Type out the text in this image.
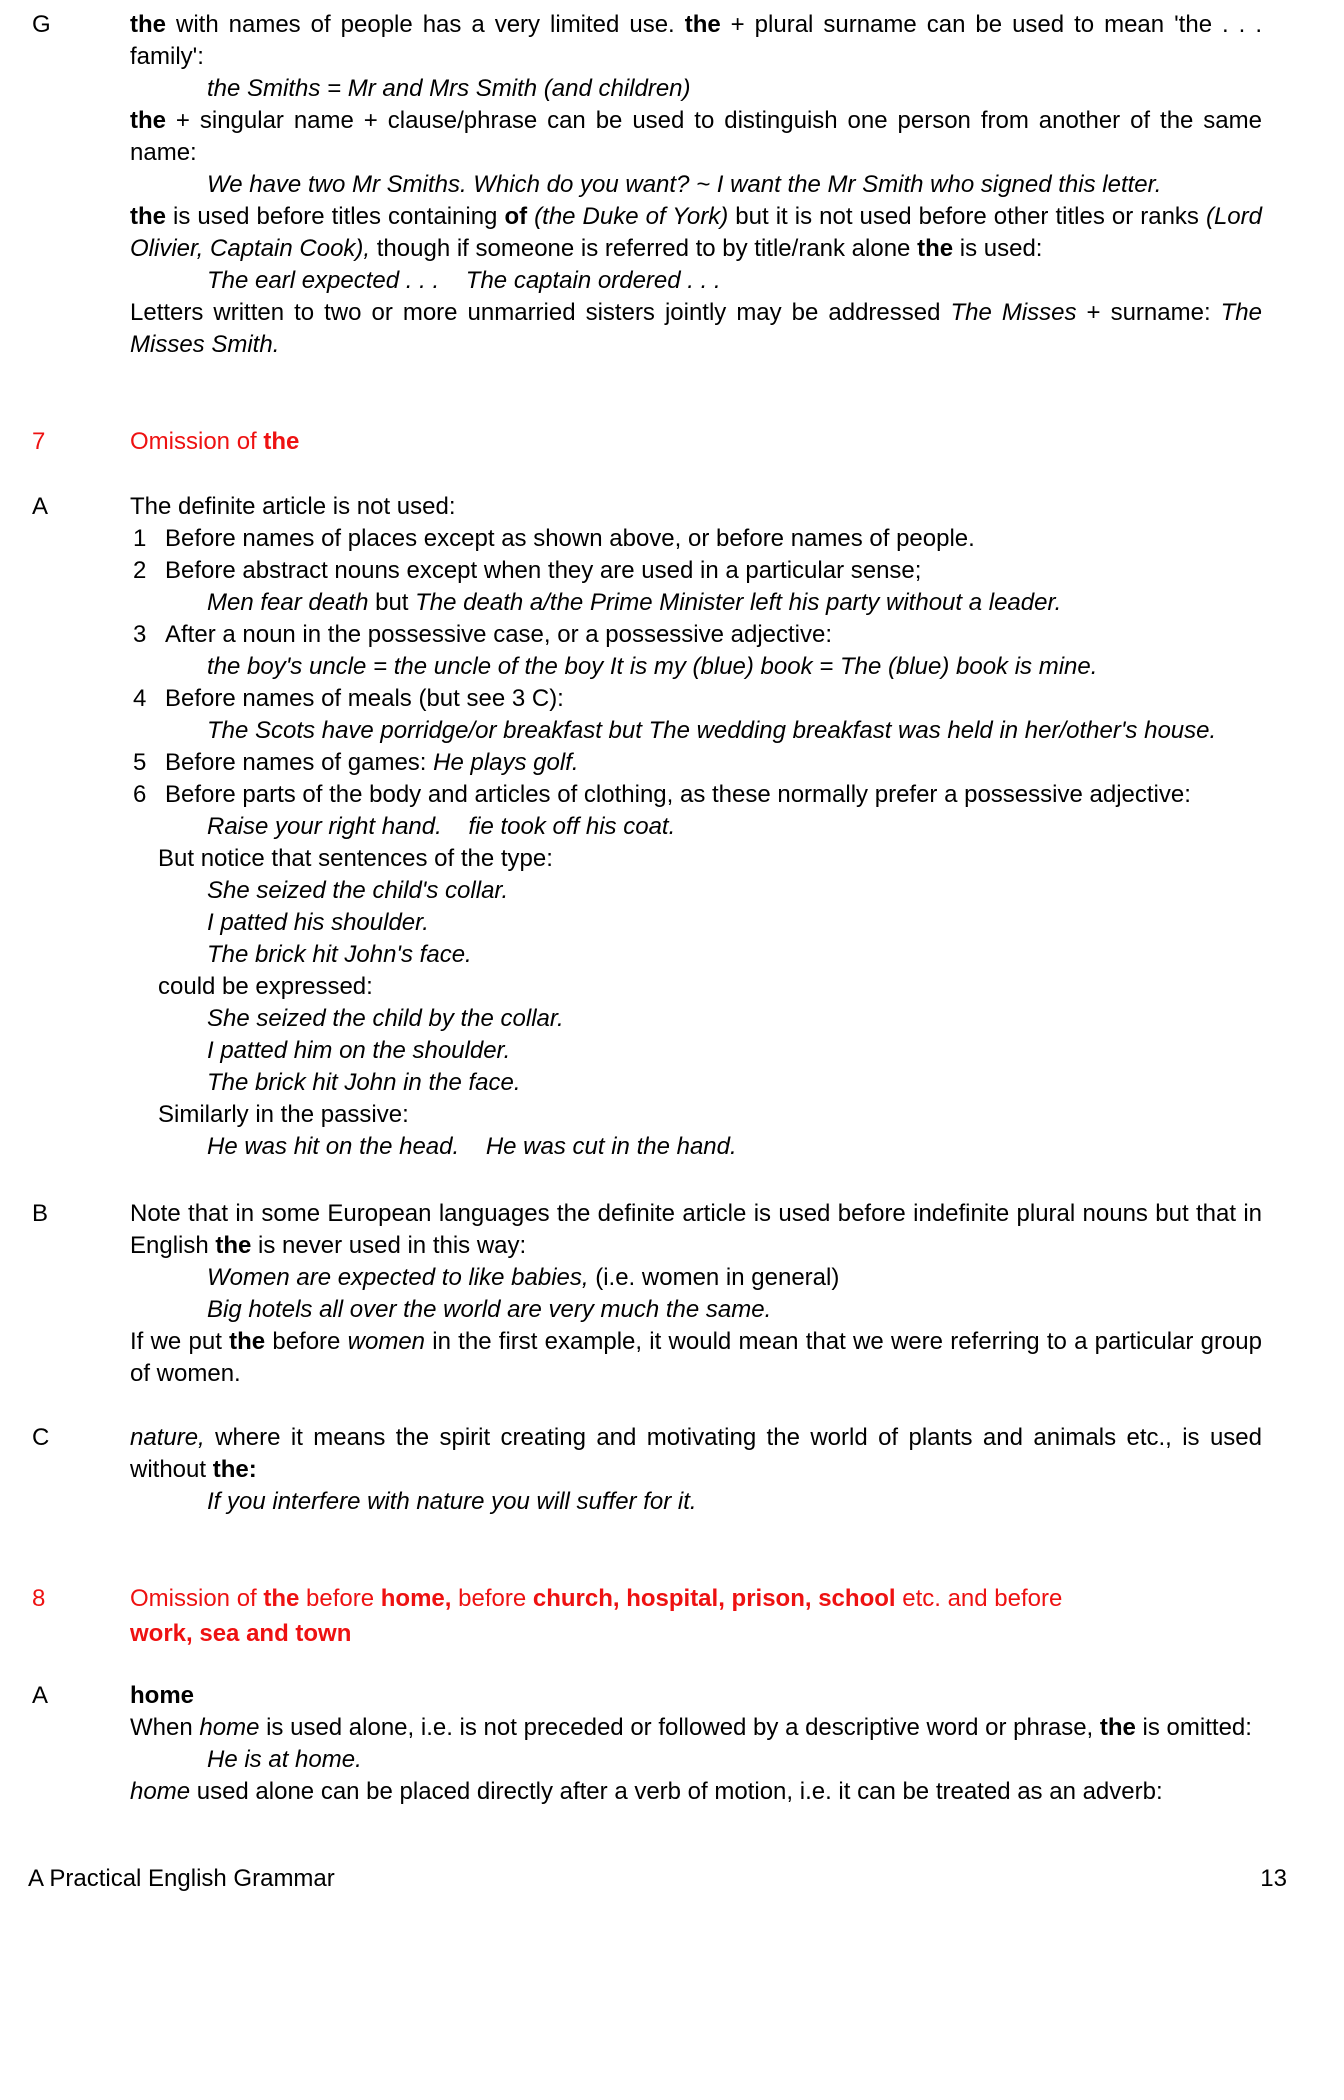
G	the with names of people has a very limited use. the + plural surname can be used to mean 'the . . . family':
the Smiths = Mr and Mrs Smith (and children)
the + singular name + clause/phrase can be used to distinguish one person from another of the same name:
We have two Mr Smiths. Which do you want? ~ I want the Mr Smith who signed this letter.
the is used before titles containing of (the Duke of York) but it is not used before other titles or ranks (Lord Olivier, Captain Cook), though if someone is referred to by title/rank alone the is used:
The earl expected . . .    The captain ordered . . .
Letters written to two or more unmarried sisters jointly may be addressed The Misses + surname: The Misses Smith.
7	Omission of the
A	The definite article is not used:
1 Before names of places except as shown above, or before names of people.
2 Before abstract nouns except when they are used in a particular sense;
Men fear death but The death a/the Prime Minister left his party without a leader.
3 After a noun in the possessive case, or a possessive adjective:
the boy's uncle = the uncle of the boy It is my (blue) book = The (blue) book is mine.
4 Before names of meals (but see 3 C):
The Scots have porridge/or breakfast but The wedding breakfast was held in her/other's house.
5 Before names of games: He plays golf.
6 Before parts of the body and articles of clothing, as these normally prefer a possessive adjective:
Raise your right hand.    fie took off his coat.
But notice that sentences of the type:
She seized the child's collar.
I patted his shoulder.
The brick hit John's face.
could be expressed:
She seized the child by the collar.
I patted him on the shoulder.
The brick hit John in the face.
Similarly in the passive:
He was hit on the head.    He was cut in the hand.
B	Note that in some European languages the definite article is used before indefinite plural nouns but that in English the is never used in this way:
Women are expected to like babies, (i.e. women in general)
Big hotels all over the world are very much the same.
If we put the before women in the first example, it would mean that we were referring to a particular group of women.
C	nature, where it means the spirit creating and motivating the world of plants and animals etc., is used without the:
If you interfere with nature you will suffer for it.
8	Omission of the before home, before church, hospital, prison, school etc. and before
work, sea and town
A	home
When home is used alone, i.e. is not preceded or followed by a descriptive word or phrase, the is omitted:
He is at home.
home used alone can be placed directly after a verb of motion, i.e. it can be treated as an adverb:
A Practical English Grammar	13
